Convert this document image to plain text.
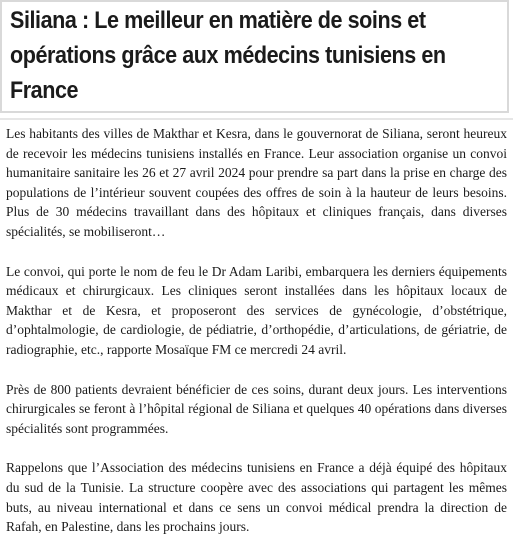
Siliana : Le meilleur en matière de soins et opérations grâce aux médecins tunisiens en France

Les habitants des villes de Makthar et Kesra, dans le gouvernorat de Siliana, seront heureux de recevoir les médecins tunisiens installés en France. Leur association organise un convoi humanitaire sanitaire les 26 et 27 avril 2024 pour prendre sa part dans la prise en charge des populations de l’intérieur souvent coupées des offres de soin à la hauteur de leurs besoins. Plus de 30 médecins travaillant dans des hôpitaux et cliniques français, dans diverses spécialités, se mobiliseront…

Le convoi, qui porte le nom de feu le Dr Adam Laribi, embarquera les derniers équipements médicaux et chirurgicaux. Les cliniques seront installées dans les hôpitaux locaux de Makthar et de Kesra, et proposeront des services de gynécologie, d’obstétrique, d’ophtalmologie, de cardiologie, de pédiatrie, d’orthopédie, d’articulations, de gériatrie, de radiographie, etc., rapporte Mosaïque FM ce mercredi 24 avril.

Près de 800 patients devraient bénéficier de ces soins, durant deux jours. Les interventions chirurgicales se feront à l’hôpital régional de Siliana et quelques 40 opérations dans diverses spécialités sont programmées.

Rappelons que l’Association des médecins tunisiens en France a déjà équipé des hôpitaux du sud de la Tunisie. La structure coopère avec des associations qui partagent les mêmes buts, au niveau international et dans ce sens un convoi médical prendra la direction de Rafah, en Palestine, dans les prochains jours.
